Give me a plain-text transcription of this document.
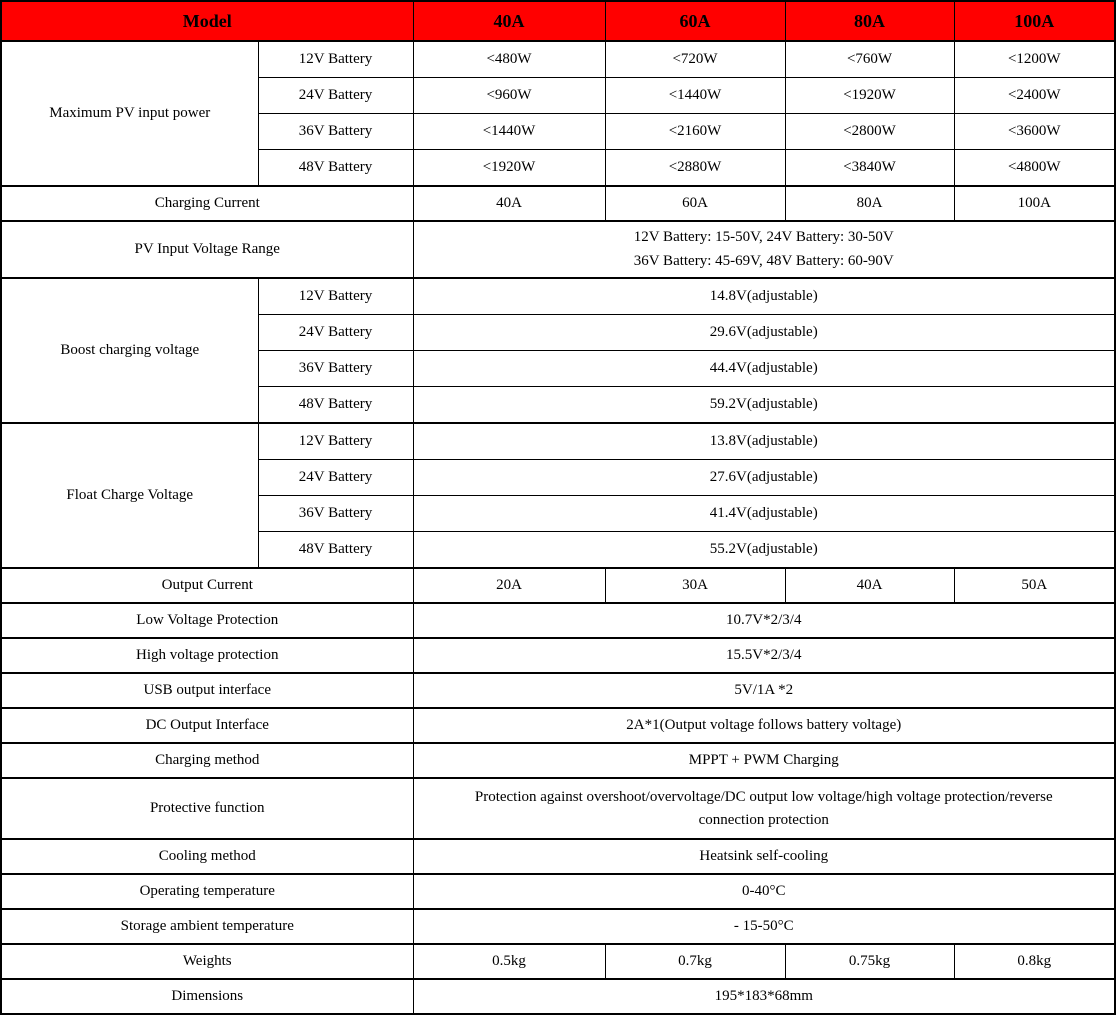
Model		40A	60A	80A	100A
Maximum PV input power	12V Battery	<480W	<720W	<760W	<1200W
	24V Battery	<960W	<1440W	<1920W	<2400W
	36V Battery	<1440W	<2160W	<2800W	<3600W
	48V Battery	<1920W	<2880W	<3840W	<4800W
Charging Current		40A	60A	80A	100A
PV Input Voltage Range		12V Battery: 15-50V, 24V Battery: 30-50V
36V Battery: 45-69V, 48V Battery: 60-90V			

Boost charging voltage	12V Battery	14.8V(adjustable)			
	24V Battery	29.6V(adjustable)			
	36V Battery	44.4V(adjustable)			
	48V Battery	59.2V(adjustable)			
Float Charge Voltage	12V Battery	13.8V(adjustable)			
	24V Battery	27.6V(adjustable)			
	36V Battery	41.4V(adjustable)			
	48V Battery	55.2V(adjustable)			
Output Current		20A	30A	40A	50A
Low Voltage Protection		10.7V*2/3/4			
High voltage protection		15.5V*2/3/4			
USB output interface		5V/1A *2			
DC Output Interface		2A*1(Output voltage follows battery voltage)			
Charging method		MPPT + PWM Charging			
Protective function		Protection against overshoot/overvoltage/DC output low voltage/high voltage protection/reverse connection protection			
Cooling method		Heatsink self-cooling			
Operating temperature		0-40°C			
Storage ambient temperature		- 15-50°C			
Weights		0.5kg	0.7kg	0.75kg	0.8kg
Dimensions		195*183*68mm			
